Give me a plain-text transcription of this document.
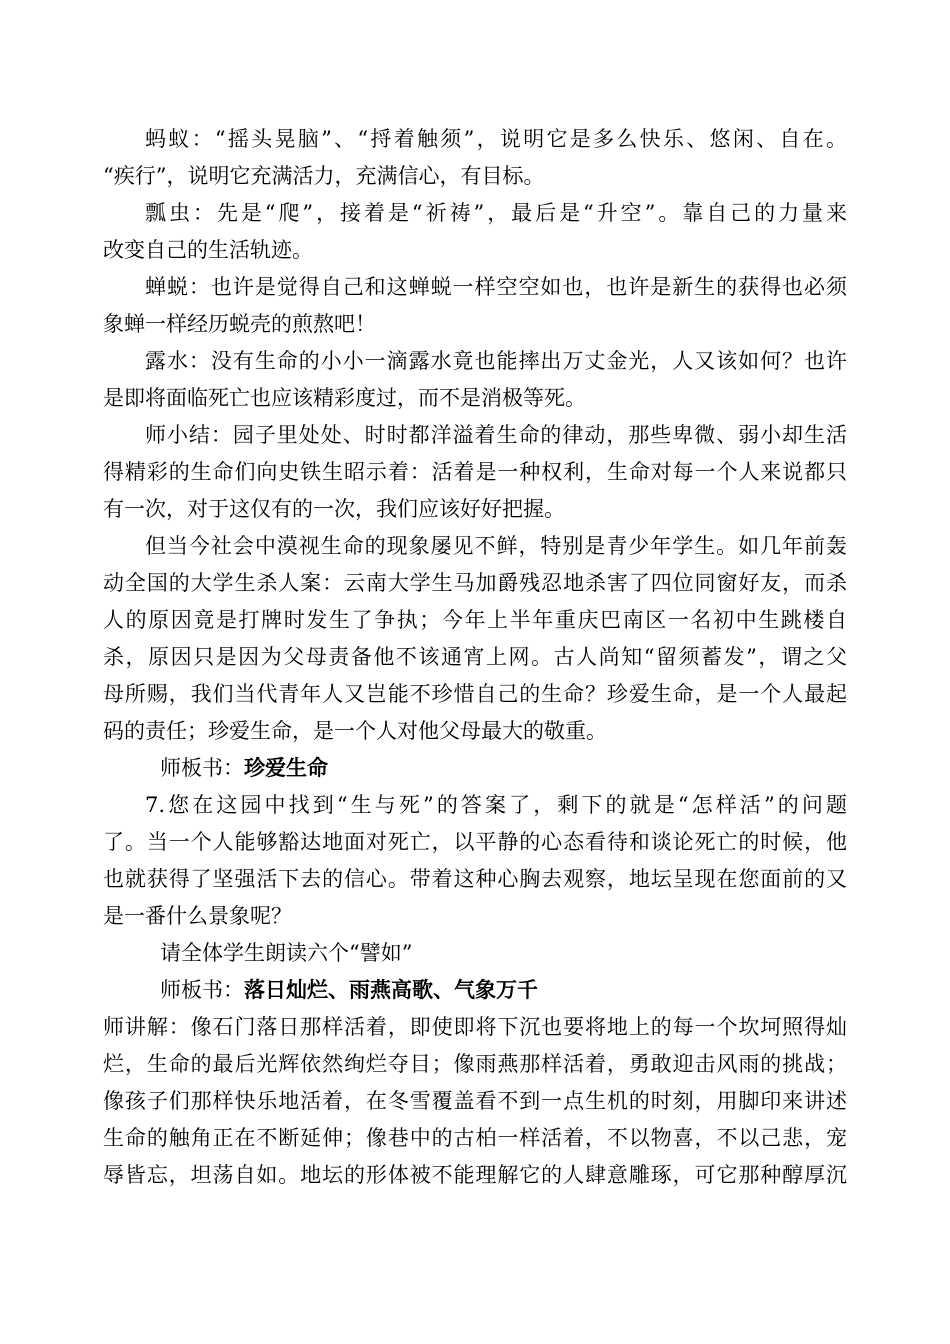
蚂蚁：“摇头晃脑”、“捋着触须”，说明它是多么快乐、悠闲、自在。
“疾行”，说明它充满活力，充满信心，有目标。
瓢虫：先是“爬”，接着是“祈祷”，最后是“升空”。靠自己的力量来
改变自己的生活轨迹。
蝉蜕：也许是觉得自己和这蝉蜕一样空空如也，也许是新生的获得也必须
象蝉一样经历蜕壳的煎熬吧！
露水：没有生命的小小一滴露水竟也能摔出万丈金光，人又该如何？也许
是即将面临死亡也应该精彩度过，而不是消极等死。
师小结：园子里处处、时时都洋溢着生命的律动，那些卑微、弱小却生活
得精彩的生命们向史铁生昭示着：活着是一种权利，生命对每一个人来说都只
有一次，对于这仅有的一次，我们应该好好把握。
但当今社会中漠视生命的现象屡见不鲜，特别是青少年学生。如几年前轰
动全国的大学生杀人案：云南大学生马加爵残忍地杀害了四位同窗好友，而杀
人的原因竟是打牌时发生了争执；今年上半年重庆巴南区一名初中生跳楼自
杀，原因只是因为父母责备他不该通宵上网。古人尚知“留须蓄发”，谓之父
母所赐，我们当代青年人又岂能不珍惜自己的生命？珍爱生命，是一个人最起
码的责任；珍爱生命，是一个人对他父母最大的敬重。
师板书：珍爱生命
7.您在这园中找到“生与死”的答案了，剩下的就是“怎样活”的问题
了。当一个人能够豁达地面对死亡，以平静的心态看待和谈论死亡的时候，他
也就获得了坚强活下去的信心。带着这种心胸去观察，地坛呈现在您面前的又
是一番什么景象呢？
请全体学生朗读六个“譬如”
师板书：落日灿烂、雨燕高歌、气象万千
师讲解：像石门落日那样活着，即使即将下沉也要将地上的每一个坎坷照得灿
烂，生命的最后光辉依然绚烂夺目；像雨燕那样活着，勇敢迎击风雨的挑战；
像孩子们那样快乐地活着，在冬雪覆盖看不到一点生机的时刻，用脚印来讲述
生命的触角正在不断延伸；像巷中的古柏一样活着，不以物喜，不以己悲，宠
辱皆忘，坦荡自如。地坛的形体被不能理解它的人肆意雕琢，可它那种醇厚沉
